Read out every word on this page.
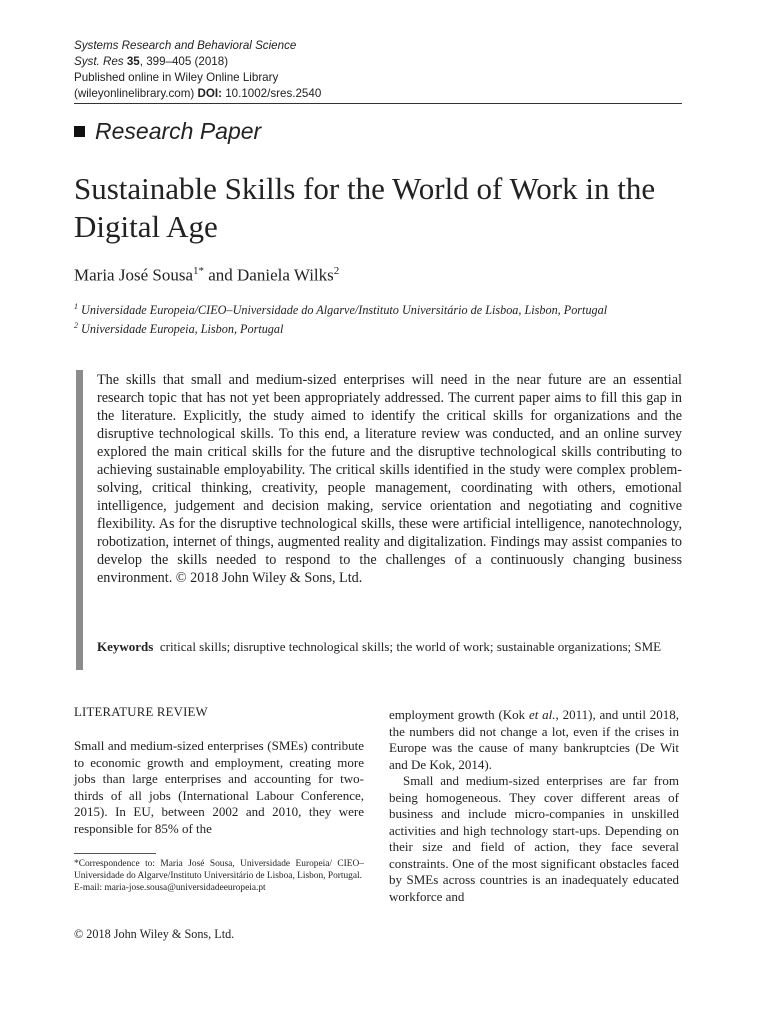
Systems Research and Behavioral Science
Syst. Res 35, 399–405 (2018)
Published online in Wiley Online Library
(wileyonlinelibrary.com) DOI: 10.1002/sres.2540
Research Paper
Sustainable Skills for the World of Work in the Digital Age
Maria José Sousa$^{1*}$ and Daniela Wilks$^2$
$^1$ Universidade Europeia/CIEO–Universidade do Algarve/Instituto Universitário de Lisboa, Lisbon, Portugal
$^2$ Universidade Europeia, Lisbon, Portugal

The skills that small and medium-sized enterprises will need in the near future are an essential research topic that has not yet been appropriately addressed. The current paper aims to fill this gap in the literature. Explicitly, the study aimed to identify the critical skills for organizations and the disruptive technological skills. To this end, a literature review was conducted, and an online survey explored the main critical skills for the future and the disruptive technological skills contributing to achieving sustainable employability. The critical skills identified in the study were complex problem-solving, critical thinking, creativity, people management, coordinating with others, emotional intelligence, judgement and decision making, service orientation and negotiating and cognitive flexibility. As for the disruptive technological skills, these were artificial intelligence, nanotechnology, robotization, internet of things, augmented reality and digitalization. Findings may assist companies to develop the skills needed to respond to the challenges of a continuously changing business environment. © 2018 John Wiley & Sons, Ltd.

Keywords critical skills; disruptive technological skills; the world of work; sustainable organizations; SME

LITERATURE REVIEW

Small and medium-sized enterprises (SMEs) contribute to economic growth and employment, creating more jobs than large enterprises and accounting for two-thirds of all jobs (International Labour Conference, 2015). In EU, between 2002 and 2010, they were responsible for 85% of the

employment growth (Kok et al., 2011), and until 2018, the numbers did not change a lot, even if the crises in Europe was the cause of many bankruptcies (De Wit and De Kok, 2014).

Small and medium-sized enterprises are far from being homogeneous. They cover different areas of business and include micro-companies in unskilled activities and high technology start-ups. Depending on their size and field of action, they face several constraints. One of the most significant obstacles faced by SMEs across countries is an inadequately educated workforce and

*Correspondence to: Maria José Sousa, Universidade Europeia/ CIEO–Universidade do Algarve/Instituto Universitário de Lisboa, Lisbon, Portugal.
E-mail: maria-jose.sousa@universidadeeuropeia.pt
© 2018 John Wiley & Sons, Ltd.
